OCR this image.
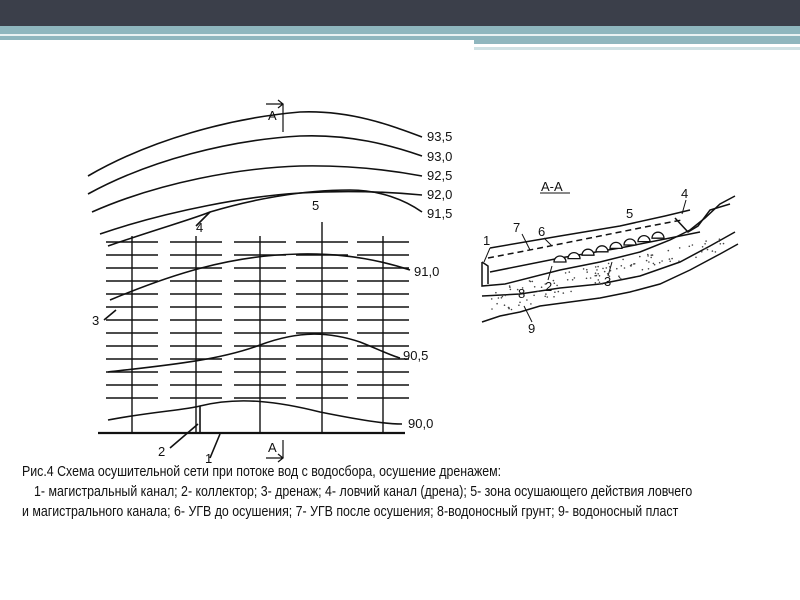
A
A
93,5
93,0
92,5
92,0
91,5
91,0
90,5
90,0
4
5
3
2	1
А-А
1
7 6
5
4
2	3
8
9
Рис.4 Схема осушительной сети при потоке вод с водосбора, осушение дренажем:
1- магистральный канал; 2- коллектор; 3- дренаж; 4- ловчий канал (дрена); 5- зона осушающего действия ловчего
и магистрального канала; 6- УГВ до осушения; 7- УГВ после осушения; 8-водоносный грунт; 9- водоносный пласт
